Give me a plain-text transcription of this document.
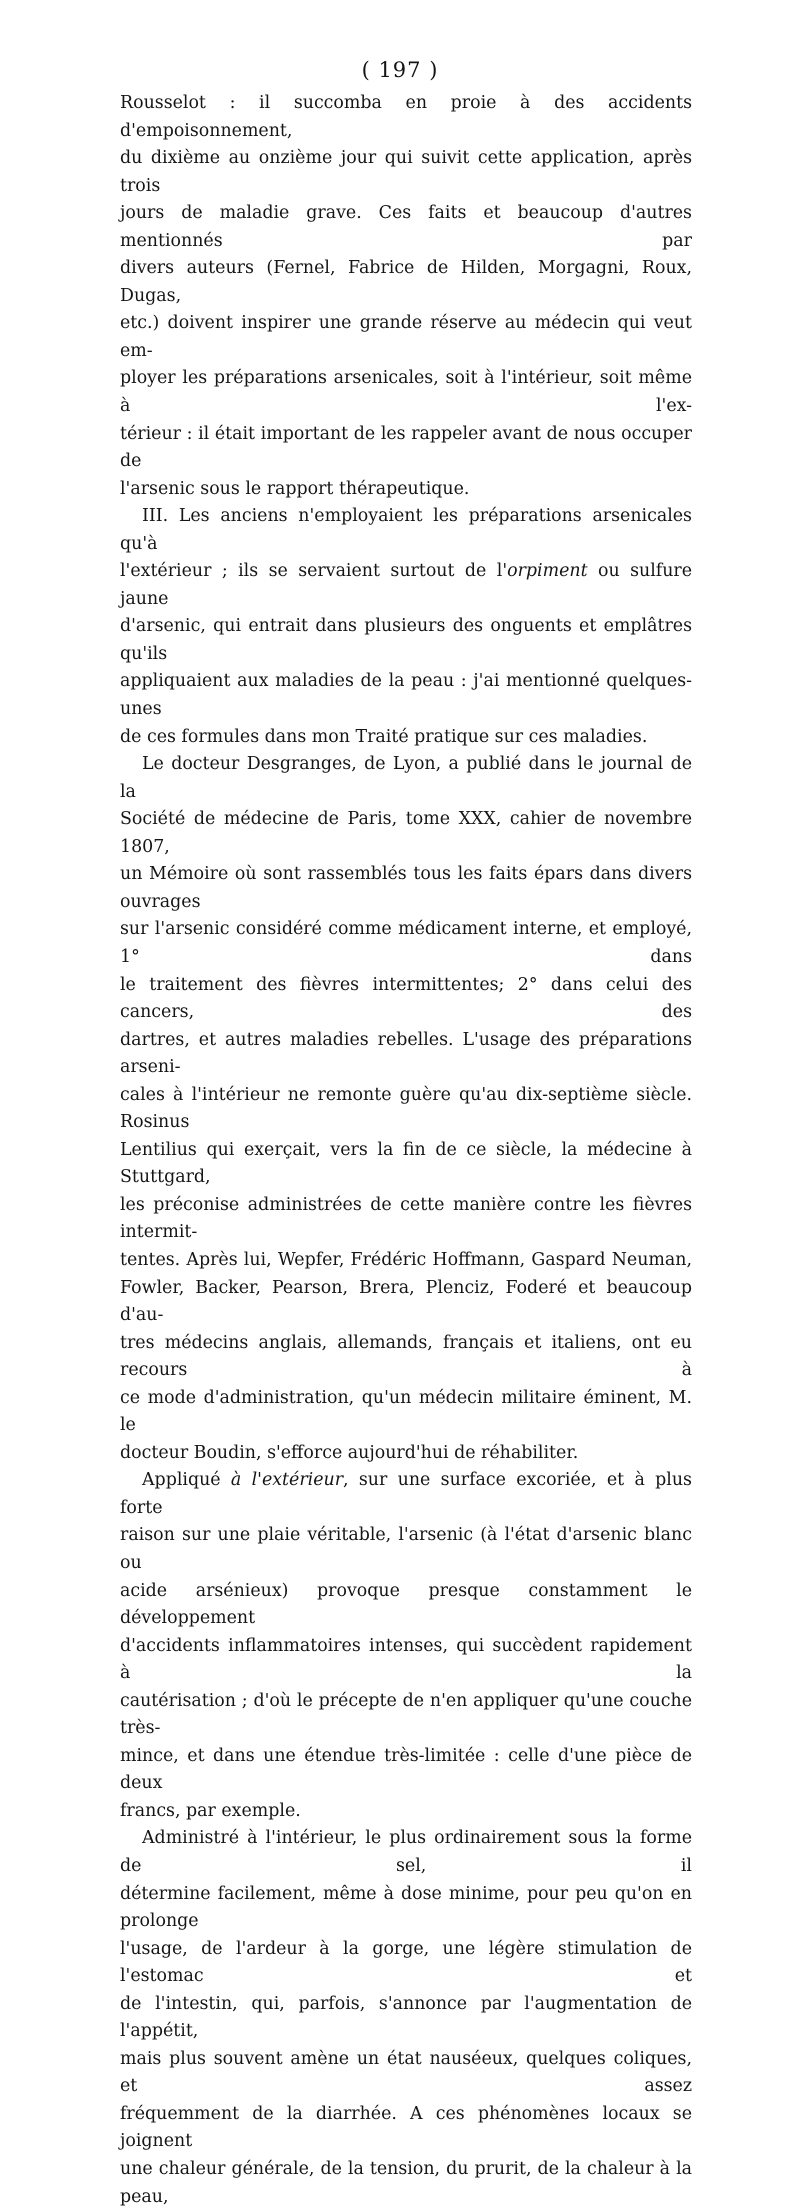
( 197 )

Rousselot : il succomba en proie à des accidents d'empoisonnement,

du dixième au onzième jour qui suivit cette application, après trois

jours de maladie grave. Ces faits et beaucoup d'autres mentionnés par

divers auteurs (Fernel, Fabrice de Hilden, Morgagni, Roux, Dugas,

etc.) doivent inspirer une grande réserve au médecin qui veut em-

ployer les préparations arsenicales, soit à l'intérieur, soit même à l'ex-

térieur : il était important de les rappeler avant de nous occuper de

l'arsenic sous le rapport thérapeutique.

III. Les anciens n'employaient les préparations arsenicales qu'à

l'extérieur ; ils se servaient surtout de l'orpiment ou sulfure jaune

d'arsenic, qui entrait dans plusieurs des onguents et emplâtres qu'ils

appliquaient aux maladies de la peau : j'ai mentionné quelques-unes

de ces formules dans mon Traité pratique sur ces maladies.

Le docteur Desgranges, de Lyon, a publié dans le journal de la

Société de médecine de Paris, tome XXX, cahier de novembre 1807,

un Mémoire où sont rassemblés tous les faits épars dans divers ouvrages

sur l'arsenic considéré comme médicament interne, et employé, 1° dans

le traitement des fièvres intermittentes; 2° dans celui des cancers, des

dartres, et autres maladies rebelles. L'usage des préparations arseni-

cales à l'intérieur ne remonte guère qu'au dix-septième siècle. Rosinus

Lentilius qui exerçait, vers la fin de ce siècle, la médecine à Stuttgard,

les préconise administrées de cette manière contre les fièvres intermit-

tentes. Après lui, Wepfer, Frédéric Hoffmann, Gaspard Neuman,

Fowler, Backer, Pearson, Brera, Plenciz, Foderé et beaucoup d'au-

tres médecins anglais, allemands, français et italiens, ont eu recours à

ce mode d'administration, qu'un médecin militaire éminent, M. le

docteur Boudin, s'efforce aujourd'hui de réhabiliter.

Appliqué à l'extérieur, sur une surface excoriée, et à plus forte

raison sur une plaie véritable, l'arsenic (à l'état d'arsenic blanc ou

acide arsénieux) provoque presque constamment le développement

d'accidents inflammatoires intenses, qui succèdent rapidement à la

cautérisation ; d'où le précepte de n'en appliquer qu'une couche très-

mince, et dans une étendue très-limitée : celle d'une pièce de deux

francs, par exemple.

Administré à l'intérieur, le plus ordinairement sous la forme de sel, il

détermine facilement, même à dose minime, pour peu qu'on en prolonge

l'usage, de l'ardeur à la gorge, une légère stimulation de l'estomac et

de l'intestin, qui, parfois, s'annonce par l'augmentation de l'appétit,

mais plus souvent amène un état nauséeux, quelques coliques, et assez

fréquemment de la diarrhée. A ces phénomènes locaux se joignent

une chaleur générale, de la tension, du prurit, de la chaleur à la peau,
